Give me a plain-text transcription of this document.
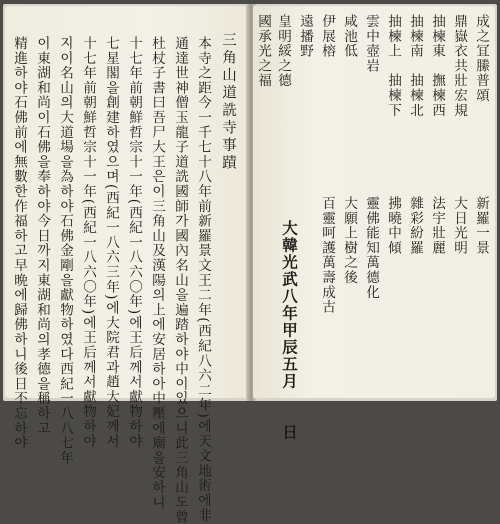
三角山道詵寺事蹟
本寺之距今一千七十八年前新羅景文王二年(西紀八六二年)에天文地術에非
通達世神僧玉龍子道詵國師가國內名山을遍踏하야中이있으니此三角山도曾
杜杖子書曰吾尸大王은이三角山及漢陽의上에安居하아中壓에廟을安하니
十七年前朝鮮哲宗十一年(西紀一八六〇年)에王后께서獻物하야
七星閣을創建하였으며(西紀一八六三年)에大院君과趙大妃께서
十七年前朝鮮哲宗十一年(西紀一八六〇年)에王后께서獻物하야
지이名山의大道場을為하야石佛金剛을獻物하였다西紀一八八七年
이東湖和尚이石佛을奉하야今日까지東湖和尚의孝德을稱하고
精進하야石佛前에無數한作福하고早晩에歸佛하니後日不忘하야	成之冝縢普頌
鼎嶽衣共壯宏規
抽楝東　撫楝西
抽楝南　抽楝北
抽楝上　抽楝下
雲中壺岩
咸池低
伊展榕
遠播野
皇明綏之德
國承光之福
新羅一景
大日光明
法宇壯麗
雜彩紛羅
拂曉中傾
靈佛能知萬德化
大願上樹之後
百靈呵護萬壽成古
大韓光武八年甲辰五月　　日
